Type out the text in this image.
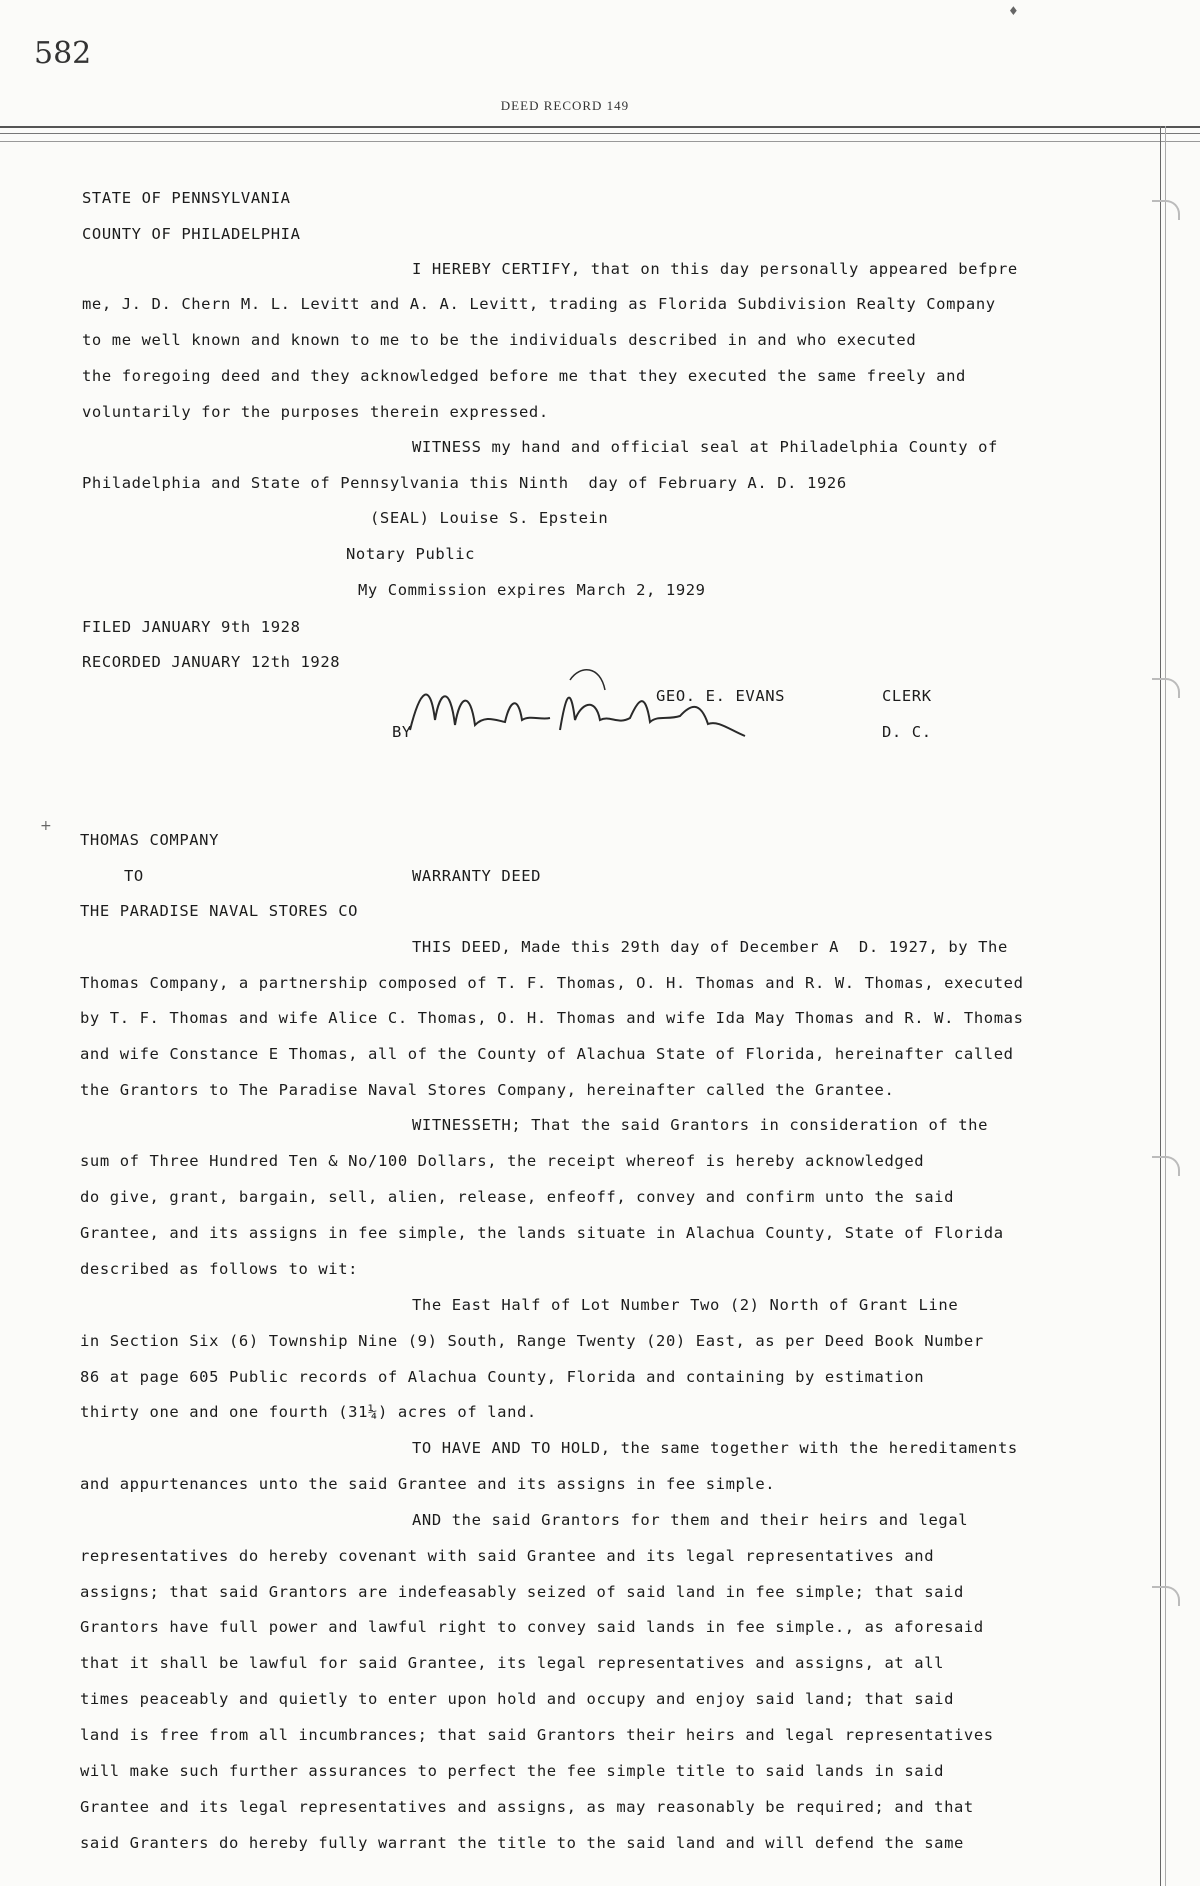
582
DEED RECORD 149
♦
+
STATE OF PENNSYLVANIA
COUNTY OF PHILADELPHIA
I HEREBY CERTIFY, that on this day personally appeared befpre
me, J. D. Chern M. L. Levitt and A. A. Levitt, trading as Florida Subdivision Realty Company
to me well known and known to me to be the individuals described in and who executed
the foregoing deed and they acknowledged before me that they executed the same freely and
voluntarily for the purposes therein expressed.
WITNESS my hand and official seal at Philadelphia County of
Philadelphia and State of Pennsylvania this Ninth  day of February A. D. 1926
(SEAL) Louise S. Epstein
Notary Public
My Commission expires March 2, 1929
FILED JANUARY 9th 1928
RECORDED JANUARY 12th 1928
GEO. E. EVANS	CLERK
BY	D. C.
THOMAS COMPANY
TO	WARRANTY DEED
THE PARADISE NAVAL STORES CO
THIS DEED, Made this 29th day of December A  D. 1927, by The
Thomas Company, a partnership composed of T. F. Thomas, O. H. Thomas and R. W. Thomas, executed
by T. F. Thomas and wife Alice C. Thomas, O. H. Thomas and wife Ida May Thomas and R. W. Thomas
and wife Constance E Thomas, all of the County of Alachua State of Florida, hereinafter called
the Grantors to The Paradise Naval Stores Company, hereinafter called the Grantee.
WITNESSETH; That the said Grantors in consideration of the
sum of Three Hundred Ten & No/100 Dollars, the receipt whereof is hereby acknowledged
do give, grant, bargain, sell, alien, release, enfeoff, convey and confirm unto the said
Grantee, and its assigns in fee simple, the lands situate in Alachua County, State of Florida
described as follows to wit:
The East Half of Lot Number Two (2) North of Grant Line
in Section Six (6) Township Nine (9) South, Range Twenty (20) East, as per Deed Book Number
86 at page 605 Public records of Alachua County, Florida and containing by estimation
thirty one and one fourth (31¼) acres of land.
TO HAVE AND TO HOLD, the same together with the hereditaments
and appurtenances unto the said Grantee and its assigns in fee simple.
AND the said Grantors for them and their heirs and legal
representatives do hereby covenant with said Grantee and its legal representatives and
assigns; that said Grantors are indefeasably seized of said land in fee simple; that said
Grantors have full power and lawful right to convey said lands in fee simple., as aforesaid
that it shall be lawful for said Grantee, its legal representatives and assigns, at all
times peaceably and quietly to enter upon hold and occupy and enjoy said land; that said
land is free from all incumbrances; that said Grantors their heirs and legal representatives
will make such further assurances to perfect the fee simple title to said lands in said
Grantee and its legal representatives and assigns, as may reasonably be required; and that
said Granters do hereby fully warrant the title to the said land and will defend the same
